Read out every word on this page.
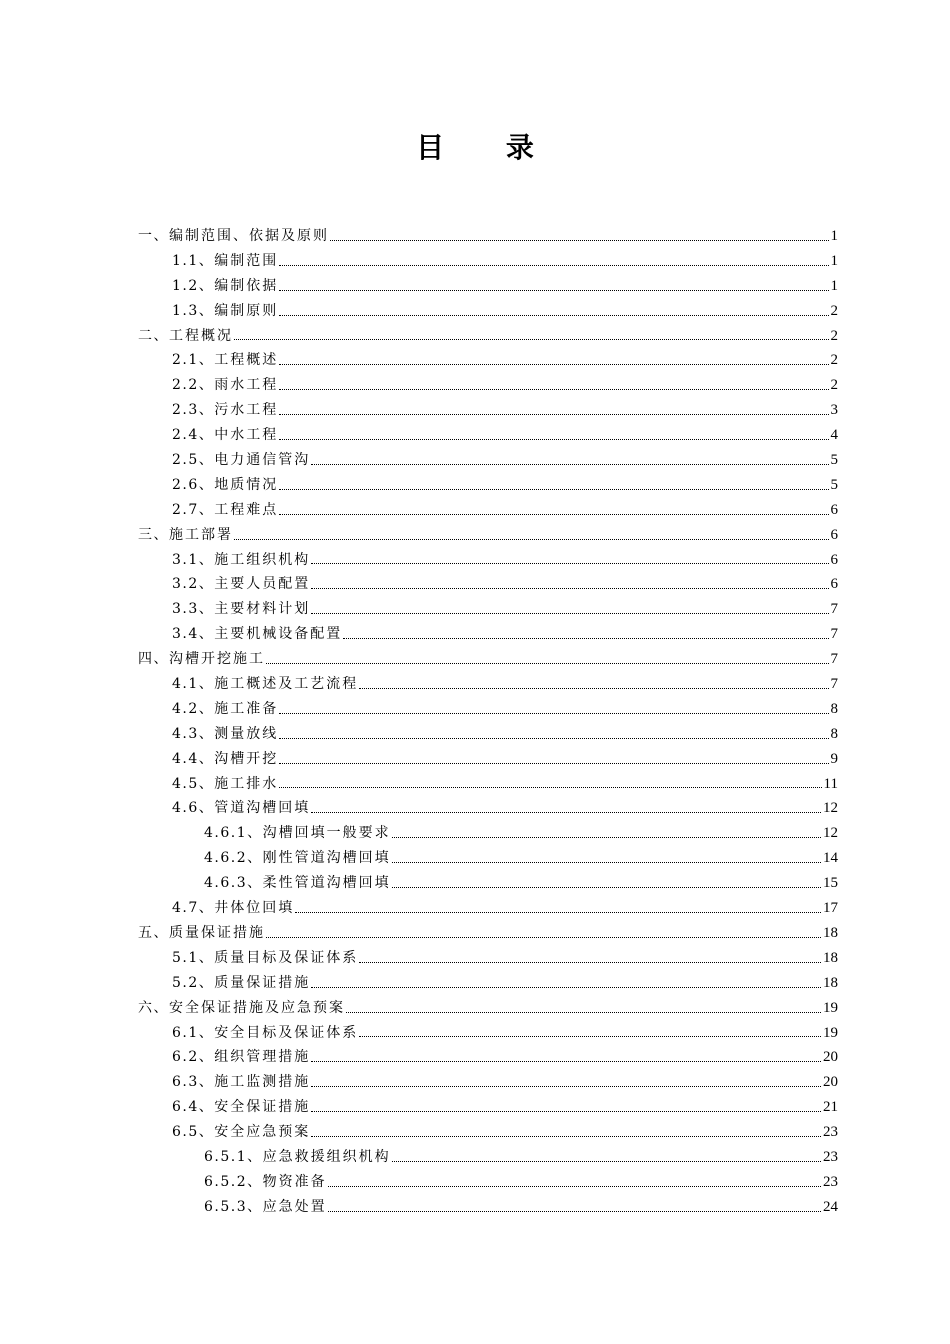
目 录
一、 编制范围、依据及原则	1
1.1、 编制范围	1
1.2、 编制依据	1
1.3、 编制原则	2
二、 工程概况	2
2.1、 工程概述	2
2.2、 雨水工程	2
2.3、 污水工程	3
2.4、 中水工程	4
2.5、 电力通信管沟	5
2.6、 地质情况	5
2.7、 工程难点	6
三、 施工部署	6
3.1、 施工组织机构	6
3.2、 主要人员配置	6
3.3、 主要材料计划	7
3.4、 主要机械设备配置	7
四、 沟槽开挖施工	7
4.1、 施工概述及工艺流程	7
4.2、 施工准备	8
4.3、 测量放线	8
4.4、 沟槽开挖	9
4.5、 施工排水	11
4.6、 管道沟槽回填	12
4.6.1、 沟槽回填一般要求	12
4.6.2、 刚性管道沟槽回填	14
4.6.3、 柔性管道沟槽回填	15
4.7、 井体位回填	17
五、 质量保证措施	18
5.1、 质量目标及保证体系	18
5.2、 质量保证措施	18
六、 安全保证措施及应急预案	19
6.1、 安全目标及保证体系	19
6.2、 组织管理措施	20
6.3、 施工监测措施	20
6.4、 安全保证措施	21
6.5、 安全应急预案	23
6.5.1、 应急救援组织机构	23
6.5.2、 物资准备	23
6.5.3、 应急处置	24
